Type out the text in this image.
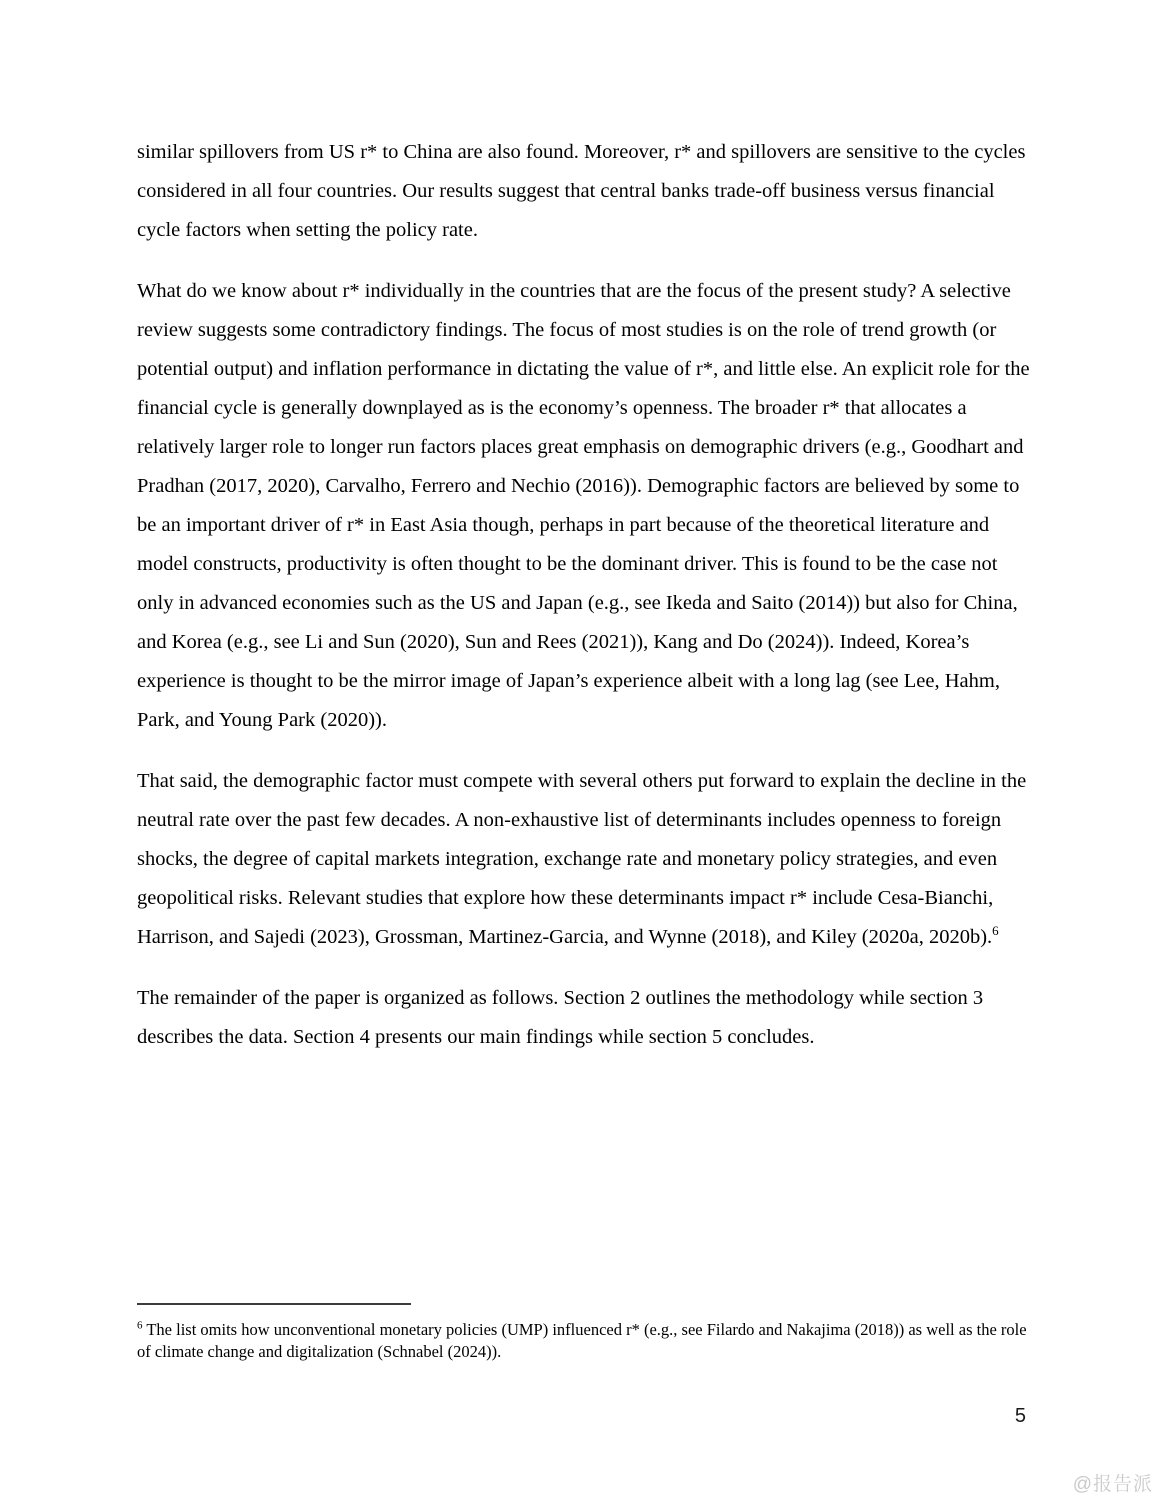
similar spillovers from US r* to China are also found. Moreover, r* and spillovers are sensitive to the cycles considered in all four countries. Our results suggest that central banks trade-off business versus financial cycle factors when setting the policy rate.

What do we know about r* individually in the countries that are the focus of the present study? A selective review suggests some contradictory findings. The focus of most studies is on the role of trend growth (or potential output) and inflation performance in dictating the value of r*, and little else. An explicit role for the financial cycle is generally downplayed as is the economy’s openness. The broader r* that allocates a relatively larger role to longer run factors places great emphasis on demographic drivers (e.g., Goodhart and Pradhan (2017, 2020), Carvalho, Ferrero and Nechio (2016)). Demographic factors are believed by some to be an important driver of r* in East Asia though, perhaps in part because of the theoretical literature and model constructs, productivity is often thought to be the dominant driver. This is found to be the case not only in advanced economies such as the US and Japan (e.g., see Ikeda and Saito (2014)) but also for China, and Korea (e.g., see Li and Sun (2020), Sun and Rees (2021)), Kang and Do (2024)). Indeed, Korea’s experience is thought to be the mirror image of Japan’s experience albeit with a long lag (see Lee, Hahm, Park, and Young Park (2020)).

That said, the demographic factor must compete with several others put forward to explain the decline in the neutral rate over the past few decades. A non-exhaustive list of determinants includes openness to foreign shocks, the degree of capital markets integration, exchange rate and monetary policy strategies, and even geopolitical risks. Relevant studies that explore how these determinants impact r* include Cesa-Bianchi, Harrison, and Sajedi (2023), Grossman, Martinez-Garcia, and Wynne (2018), and Kiley (2020a, 2020b).$^6$

The remainder of the paper is organized as follows. Section 2 outlines the methodology while section 3 describes the data. Section 4 presents our main findings while section 5 concludes.

$^6$ The list omits how unconventional monetary policies (UMP) influenced r* (e.g., see Filardo and Nakajima (2018)) as well as the role of climate change and digitalization (Schnabel (2024)).
5
@报告派
